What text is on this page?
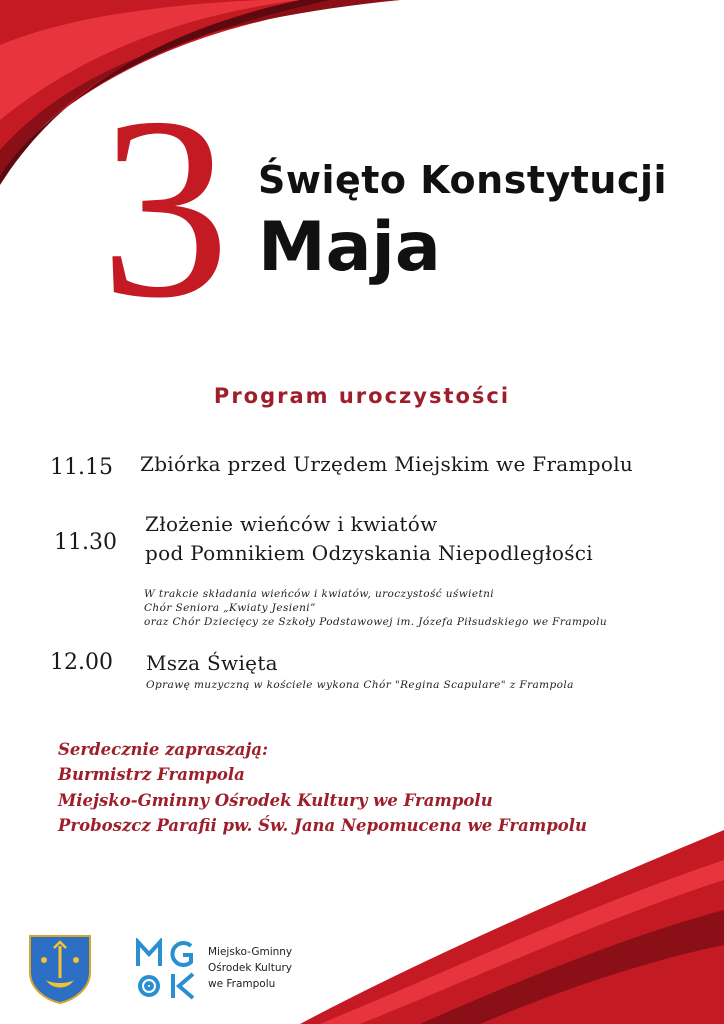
3 Święto Konstytucji
Maja
Program uroczystości
11.15 Zbiórka przed Urzędem Miejskim we Frampolu
11.30
Złożenie wieńców i kwiatów
pod Pomnikiem Odzyskania Niepodległości
W trakcie składania wieńców i kwiatów, uroczystość uświetni
Chór Seniora „Kwiaty Jesieni”
oraz Chór Dziecięcy ze Szkoły Podstawowej im. Józefa Piłsudskiego we Frampolu
12.00 Msza Święta
Oprawę muzyczną w kościele wykona Chór "Regina Scapulare" z Frampola
Serdecznie zapraszają:
Burmistrz Frampola
Miejsko-Gminny Ośrodek Kultury we Frampolu
Proboszcz Parafii pw. Św. Jana Nepomucena we Frampolu
Miejsko-Gminny
Ośrodek Kultury
we Frampolu
